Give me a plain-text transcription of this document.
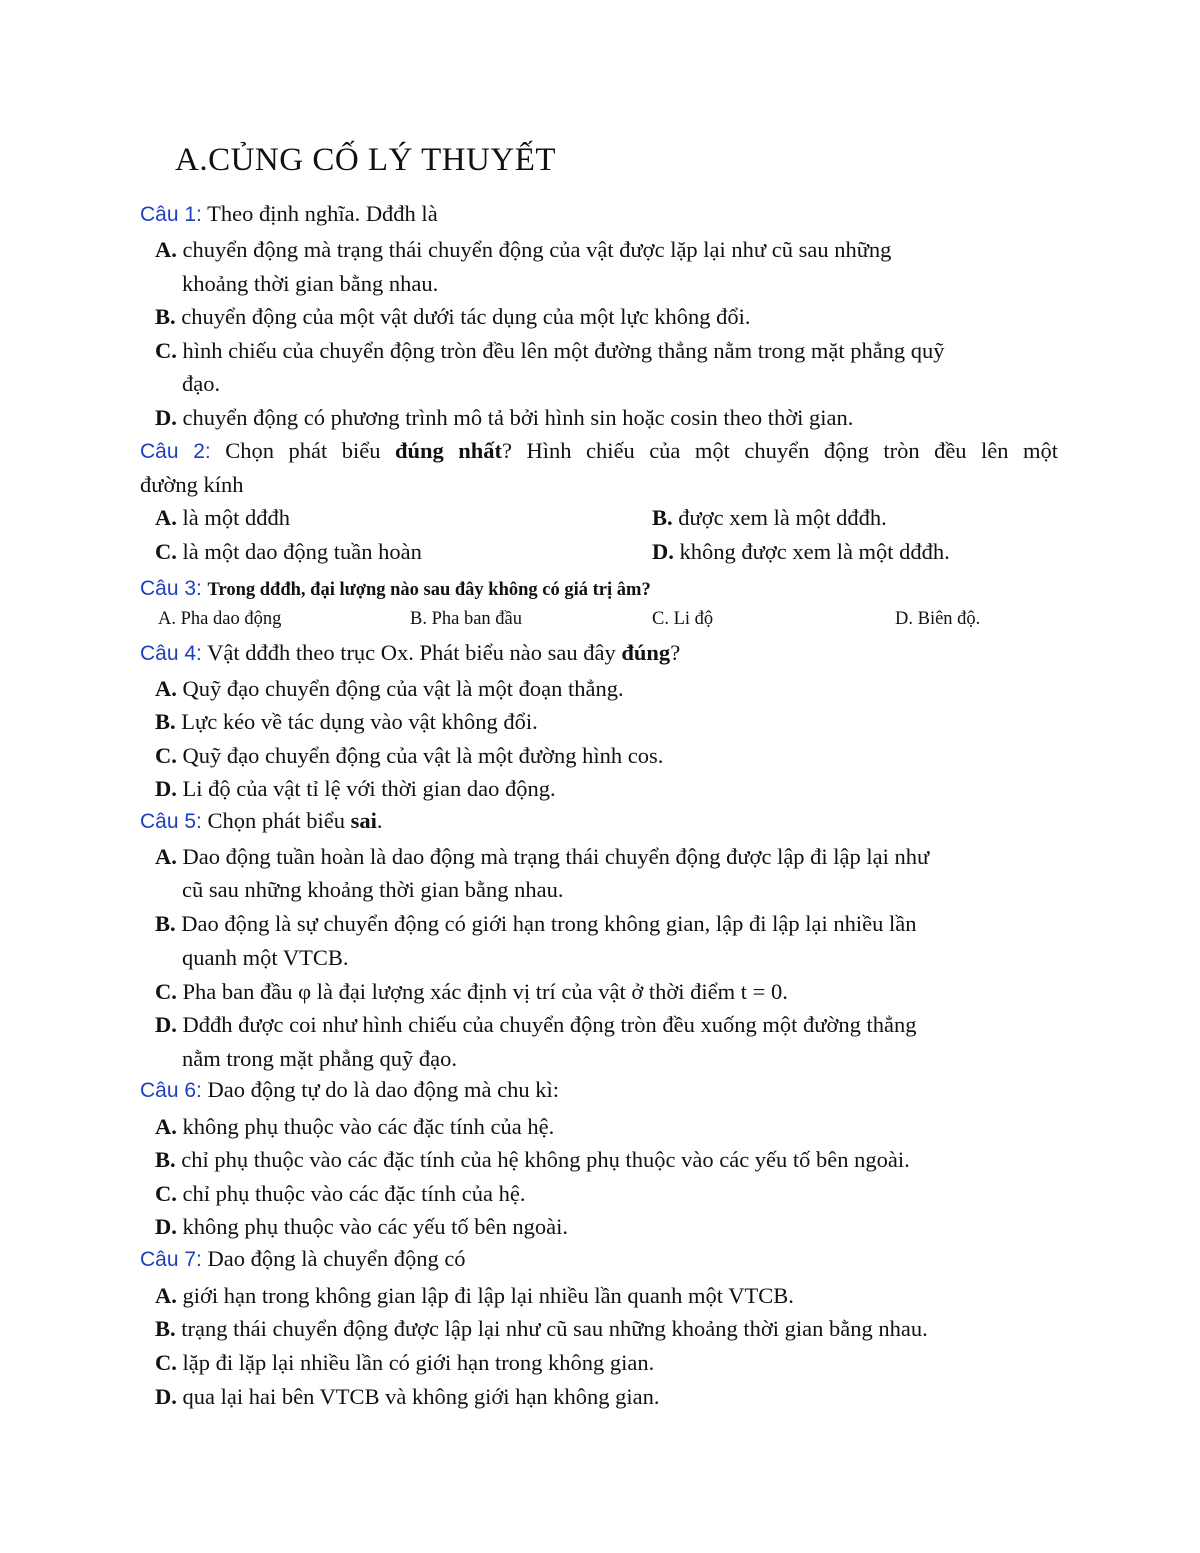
A.CỦNG CỐ LÝ THUYẾT
Câu 1: Theo định nghĩa. Dđđh là
A. chuyển động mà trạng thái chuyển động của vật được lặp lại như cũ sau những
khoảng thời gian bằng nhau.
B. chuyển động của một vật dưới tác dụng của một lực không đổi.
C. hình chiếu của chuyển động tròn đều lên một đường thẳng nằm trong mặt phẳng quỹ
đạo.
D. chuyển động có phương trình mô tả bởi hình sin hoặc cosin theo thời gian.
Câu 2: Chọn phát biểu đúng nhất? Hình chiếu của một chuyển động tròn đều lên một
đường kính
A. là một dđđh	B. được xem là một dđđh.
C. là một dao động tuần hoàn	D. không được xem là một dđđh.
Câu 3: Trong dđđh, đại lượng nào sau đây không có giá trị âm?
A. Pha dao động	B. Pha ban đầu	C. Li độ	D. Biên độ.
Câu 4: Vật dđđh theo trục Ox. Phát biểu nào sau đây đúng?
A. Quỹ đạo chuyển động của vật là một đoạn thẳng.
B. Lực kéo về tác dụng vào vật không đổi.
C. Quỹ đạo chuyển động của vật là một đường hình cos.
D. Li độ của vật tỉ lệ với thời gian dao động.
Câu 5: Chọn phát biểu sai.
A. Dao động tuần hoàn là dao động mà trạng thái chuyển động được lập đi lập lại như
cũ sau những khoảng thời gian bằng nhau.
B. Dao động là sự chuyển động có giới hạn trong không gian, lập đi lập lại nhiều lần
quanh một VTCB.
C. Pha ban đầu φ là đại lượng xác định vị trí của vật ở thời điểm t = 0.
D. Dđđh được coi như hình chiếu của chuyển động tròn đều xuống một đường thẳng
nằm trong mặt phẳng quỹ đạo.
Câu 6: Dao động tự do là dao động mà chu kì:
A. không phụ thuộc vào các đặc tính của hệ.
B. chỉ phụ thuộc vào các đặc tính của hệ không phụ thuộc vào các yếu tố bên ngoài.
C. chỉ phụ thuộc vào các đặc tính của hệ.
D. không phụ thuộc vào các yếu tố bên ngoài.
Câu 7: Dao động là chuyển động có
A. giới hạn trong không gian lập đi lập lại nhiều lần quanh một VTCB.
B. trạng thái chuyển động được lập lại như cũ sau những khoảng thời gian bằng nhau.
C. lặp đi lặp lại nhiều lần có giới hạn trong không gian.
D. qua lại hai bên VTCB và không giới hạn không gian.
